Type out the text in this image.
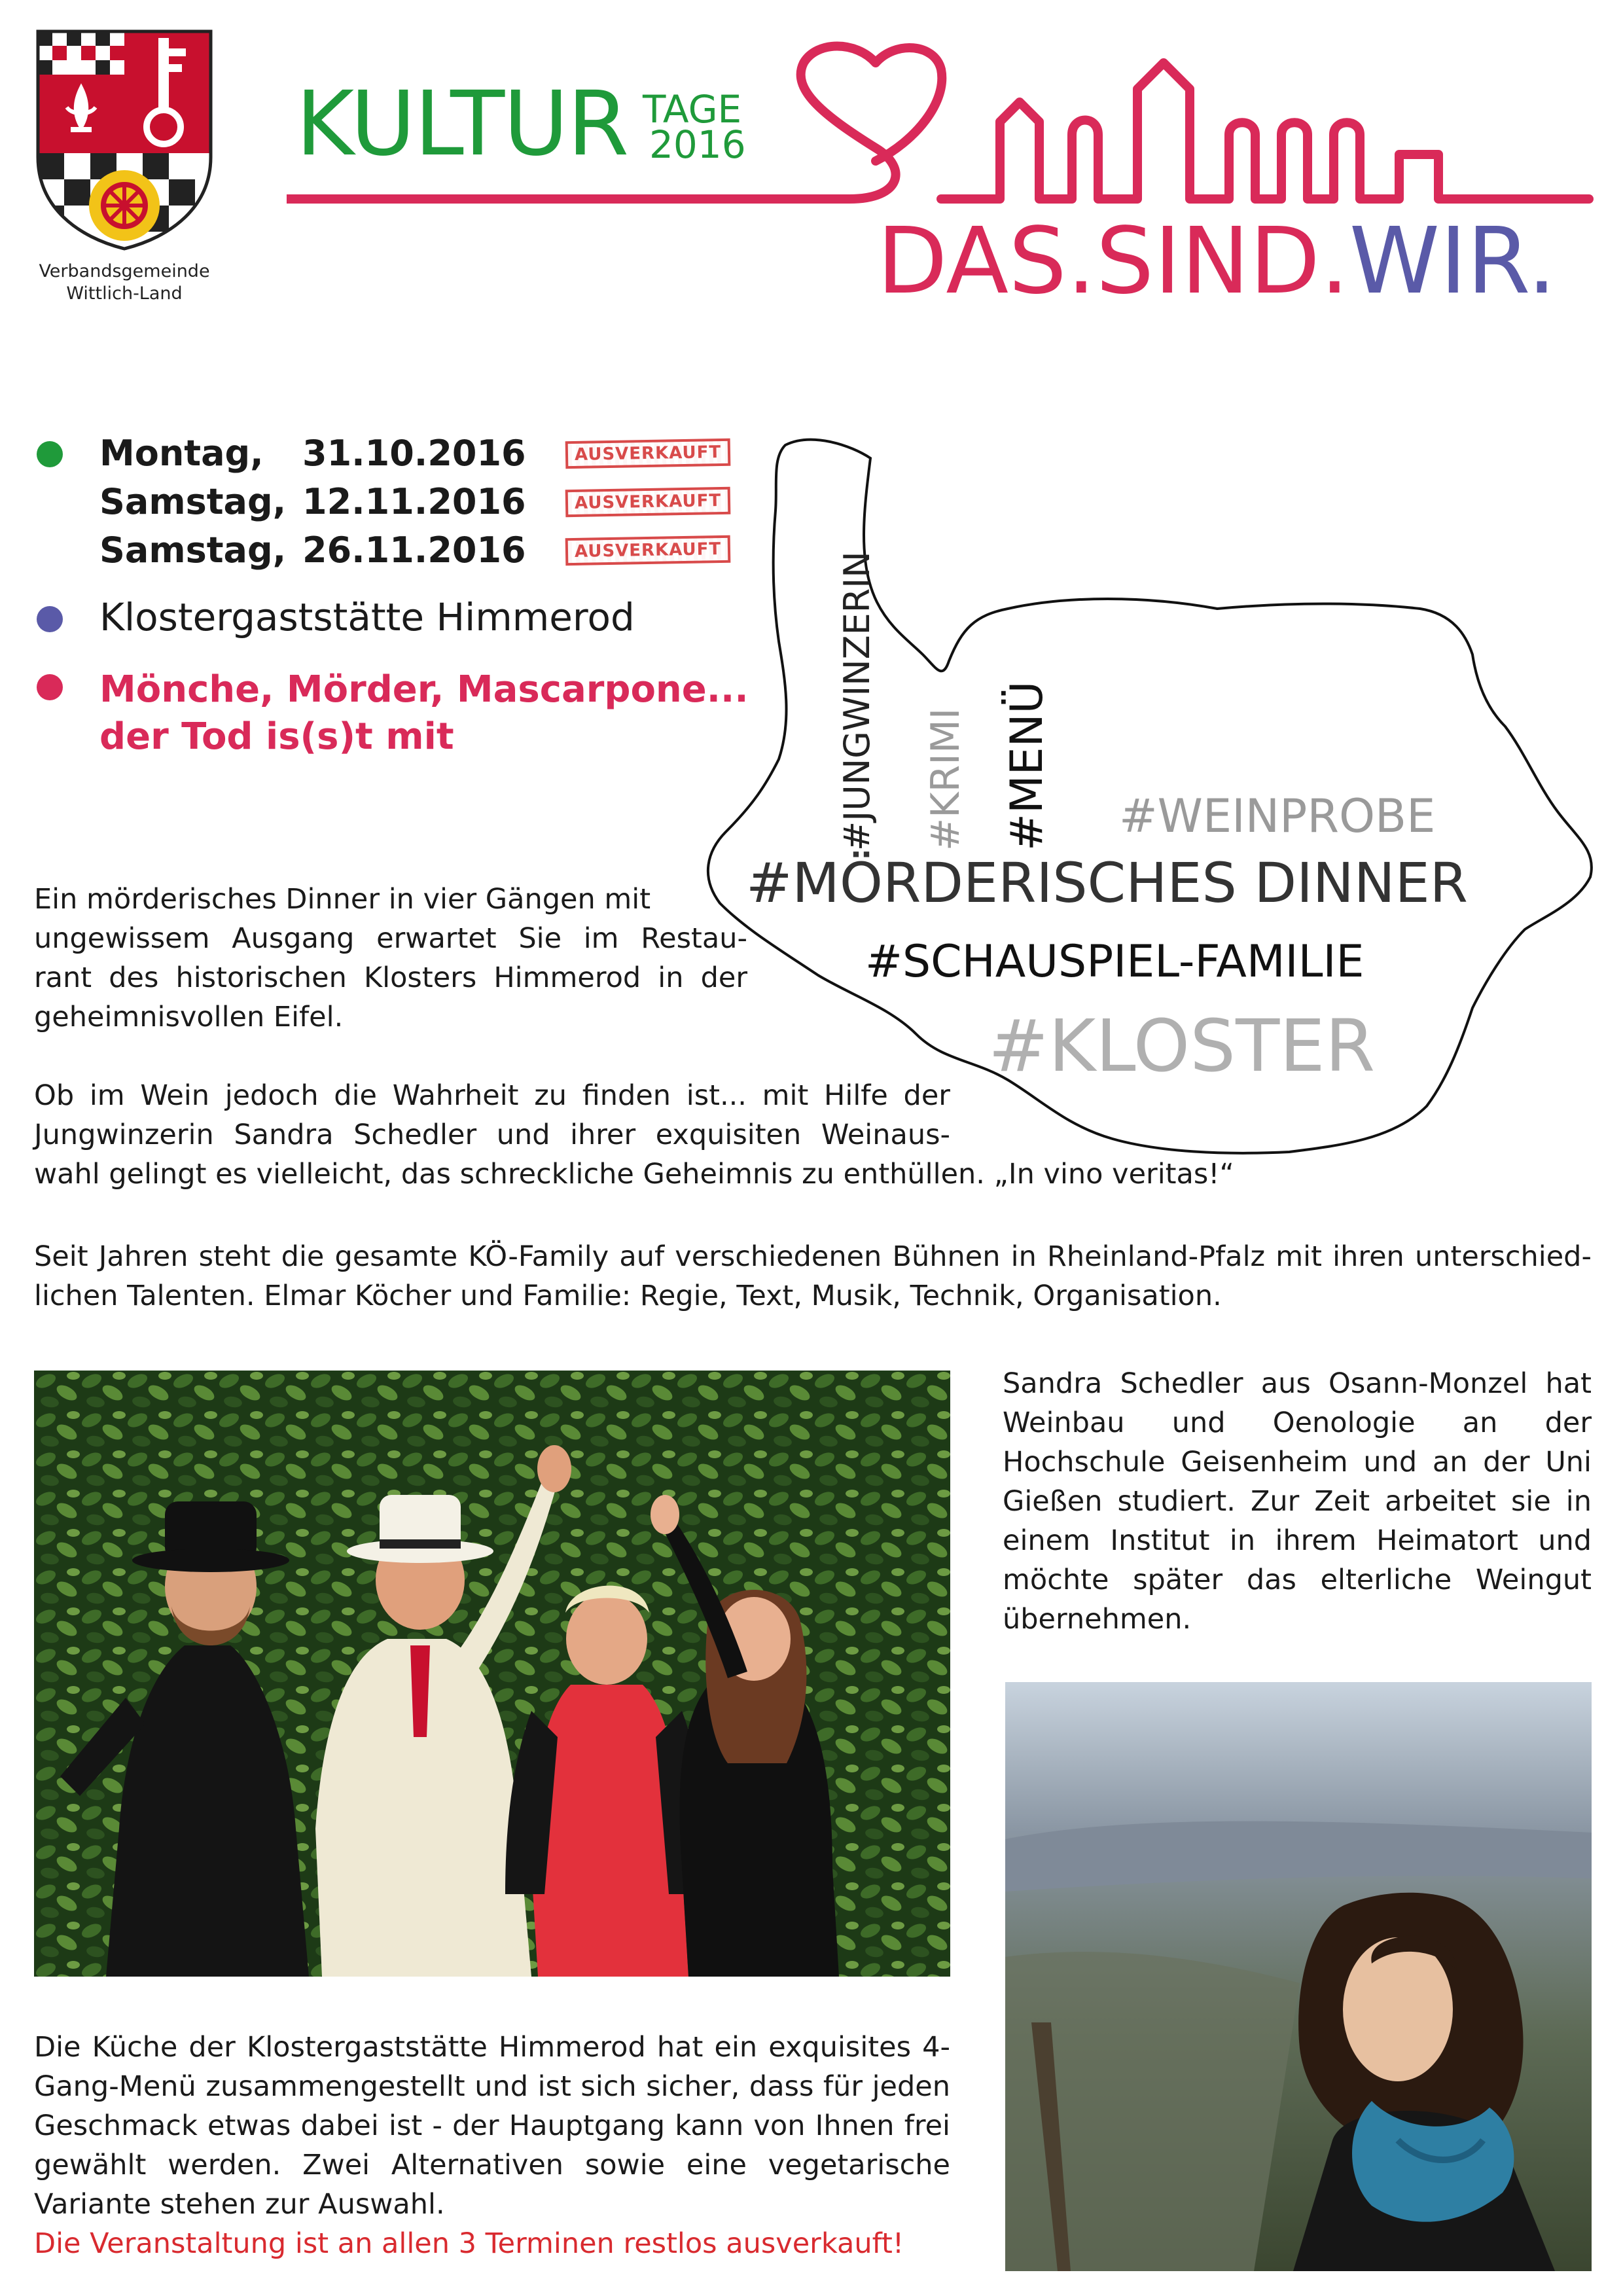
Verbandsgemeinde
Wittlich-Land
KULTUR TAGE
2016
DAS.SIND.WIR.
Montag,	31.10.2016	AUSVERKAUFT
Samstag, 12.11.2016	AUSVERKAUFT
Samstag, 26.11.2016	AUSVERKAUFT
Klostergaststätte Himmerod
Mönche, Mörder, Mascarpone...
der Tod is(s)t mit	#JUNGWINZERIN #KRIMI #MENÜ #WEINPROBE
#MÖRDERISCHES DINNER
#SCHAUSPIEL-FAMILIE
#KLOSTER
Ein mörderisches Dinner in vier Gängen mit
ungewissem Ausgang erwartet Sie im Restau-
rant des historischen Klosters Himmerod in der
geheimnisvollen Eifel.
Ob im Wein jedoch die Wahrheit zu finden ist... mit Hilfe der
Jungwinzerin Sandra Schedler und ihrer exquisiten Weinaus-
wahl gelingt es vielleicht, das schreckliche Geheimnis zu enthüllen. „In vino veritas!“
Seit Jahren steht die gesamte KÖ-Family auf verschiedenen Bühnen in Rheinland-Pfalz mit ihren unterschied-
lichen Talenten. Elmar Köcher und Familie: Regie, Text, Musik, Technik, Organisation.
Sandra Schedler aus Osann-Monzel hat Weinbau und Oenologie an der Hochschule Geisenheim und an der Uni Gießen studiert. Zur Zeit arbeitet sie in einem Institut in ihrem Heimatort und möchte später das elterliche Weingut übernehmen.
Die Küche der Klostergaststätte Himmerod hat ein exquisites 4-Gang-Menü zusammengestellt und ist sich sicher, dass für jeden Geschmack etwas dabei ist - der Hauptgang kann von Ihnen frei gewählt werden. Zwei Alternativen sowie eine vegetarische Variante stehen zur Auswahl.
Die Veranstaltung ist an allen 3 Terminen restlos ausverkauft!
